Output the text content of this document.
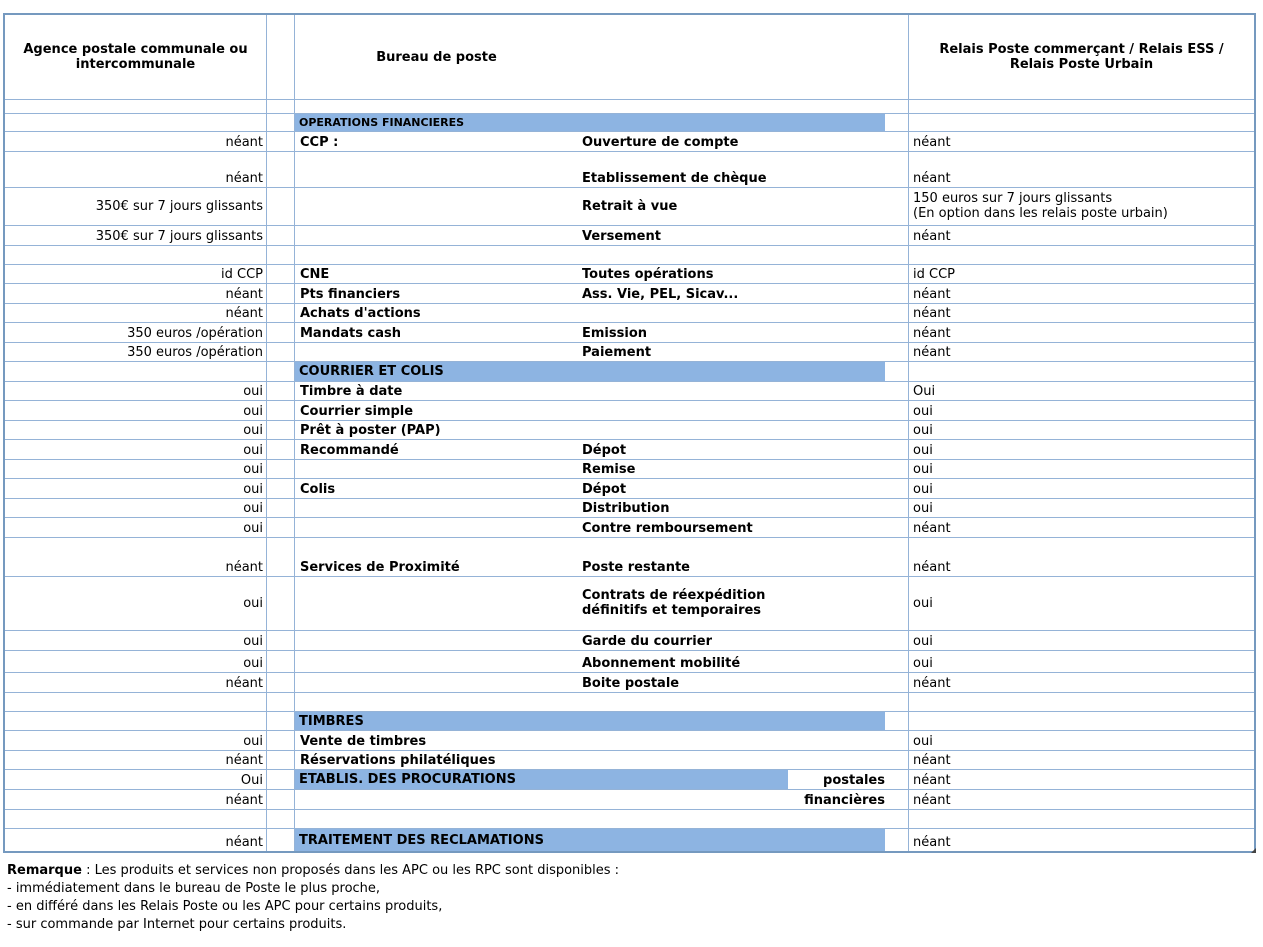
Agence postale communale ou intercommunale	Bureau de poste	Relais Poste commerçant / Relais ESS / Relais Poste Urbain
OPERATIONS FINANCIERES
néant	CCP :	Ouverture de compte	néant
néant	Etablissement de chèque	néant
350€ sur 7 jours glissants	Retrait à vue	150 euros sur 7 jours glissants
(En option dans les relais poste urbain)
350€ sur 7 jours glissants	Versement	néant
id CCP	CNE	Toutes opérations	id CCP
néant	Pts financiers	Ass. Vie, PEL, Sicav...	néant
néant	Achats d'actions	néant
350 euros /opération	Mandats cash	Emission	néant
350 euros /opération	Paiement	néant
COURRIER ET COLIS
oui	Timbre à date	Oui
oui	Courrier simple	oui
oui	Prêt à poster (PAP)	oui
oui	Recommandé	Dépot	oui
oui	Remise	oui
oui	Colis	Dépot	oui
oui	Distribution	oui
oui	Contre remboursement	néant
néant	Services de Proximité	Poste restante	néant
oui	Contrats de réexpédition
définitifs et temporaires	oui
oui	Garde du courrier	oui
oui	Abonnement mobilité	oui
néant	Boite postale	néant
TIMBRES
oui	Vente de timbres	oui
néant	Réservations philatéliques	néant
Oui	ETABLIS. DES PROCURATIONS	postales	néant
néant	financières	néant
néant	TRAITEMENT DES RECLAMATIONS	néant
Remarque : Les produits et services non proposés dans les APC ou les RPC sont disponibles :
- immédiatement dans le bureau de Poste le plus proche,
- en différé dans les Relais Poste ou les APC pour certains produits,
- sur commande par Internet pour certains produits.
